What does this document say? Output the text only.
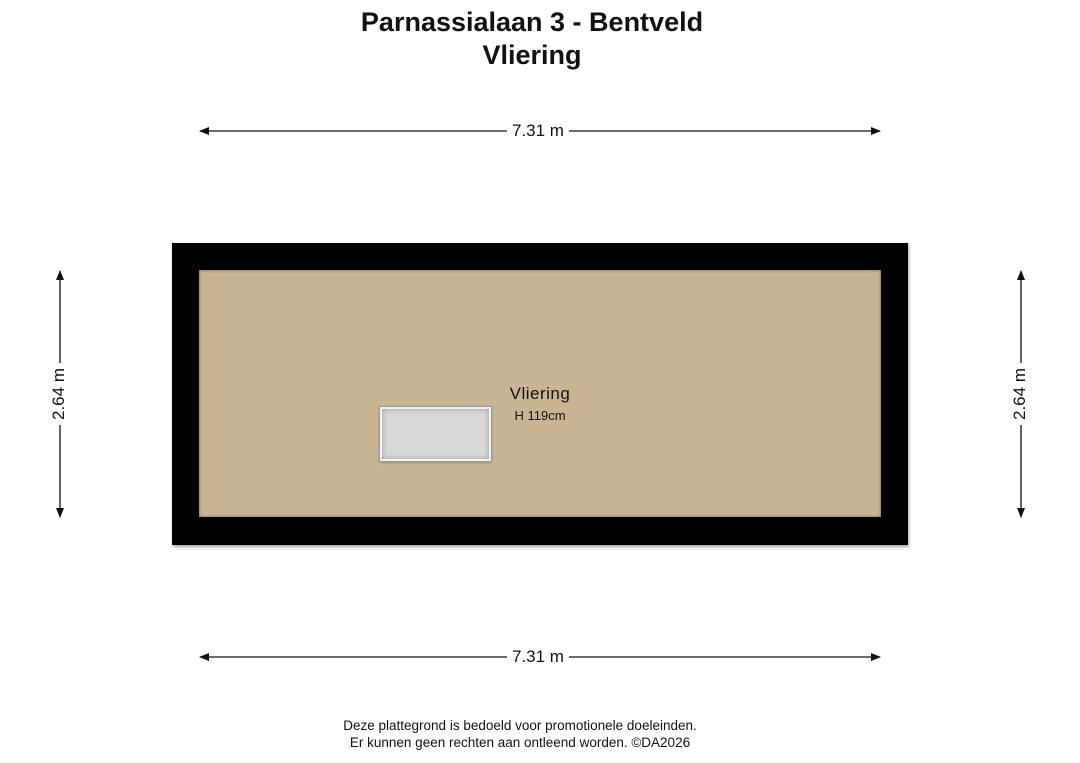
Parnassialaan 3 - Bentveld
Vliering
7.31 m
7.31 m
2.64 m	2.64 m
Vliering
H 119cm
Deze plattegrond is bedoeld voor promotionele doeleinden.
Er kunnen geen rechten aan ontleend worden. ©DA2026
